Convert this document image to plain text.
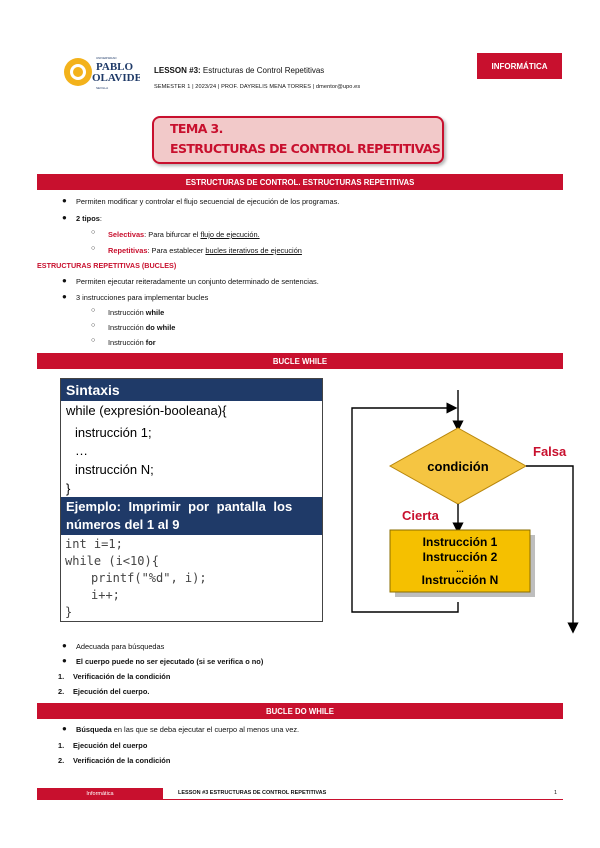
UNIVERSIDAD
PABLO
OLAVIDE
SEVILLA
LESSON #3: Estructuras de Control Repetitivas
SEMESTER 1 | 2023/24 | PROF. DAYRELIS MENA TORRES | dmentor@upo.es
INFORMÁTICA
TEMA 3.
ESTRUCTURAS DE CONTROL REPETITIVAS
ESTRUCTURAS DE CONTROL. ESTRUCTURAS REPETITIVAS
● Permiten modificar y controlar el flujo secuencial de ejecución de los programas.
● 2 tipos:
○ Selectivas: Para bifurcar el flujo de ejecución.
○ Repetitivas: Para establecer bucles iterativos de ejecución
ESTRUCTURAS REPETITIVAS (BUCLES)
● Permiten ejecutar reiteradamente un conjunto determinado de sentencias.
● 3 instrucciones para implementar bucles
○ Instrucción while
○ Instrucción do while
○ Instrucción for
BUCLE WHILE
Sintaxis
while (expresión-booleana){
instrucción 1;
…
instrucción N;
}
Ejemplo: Imprimir por pantalla los
números del 1 al 9
int i=1;
while (i<10){
printf("%d", i);
i++;
}
condición
Falsa
Cierta
Instrucción 1
Instrucción 2
...
Instrucción N
● Adecuada para búsquedas
● El cuerpo puede no ser ejecutado (si se verifica o no)
1. Verificación de la condición
2. Ejecución del cuerpo.
BUCLE DO WHILE
● Búsqueda en las que se deba ejecutar el cuerpo al menos una vez.
1. Ejecución del cuerpo
2. Verificación de la condición
Informática	LESSON #3 ESTRUCTURAS DE CONTROL REPETITIVAS	1
